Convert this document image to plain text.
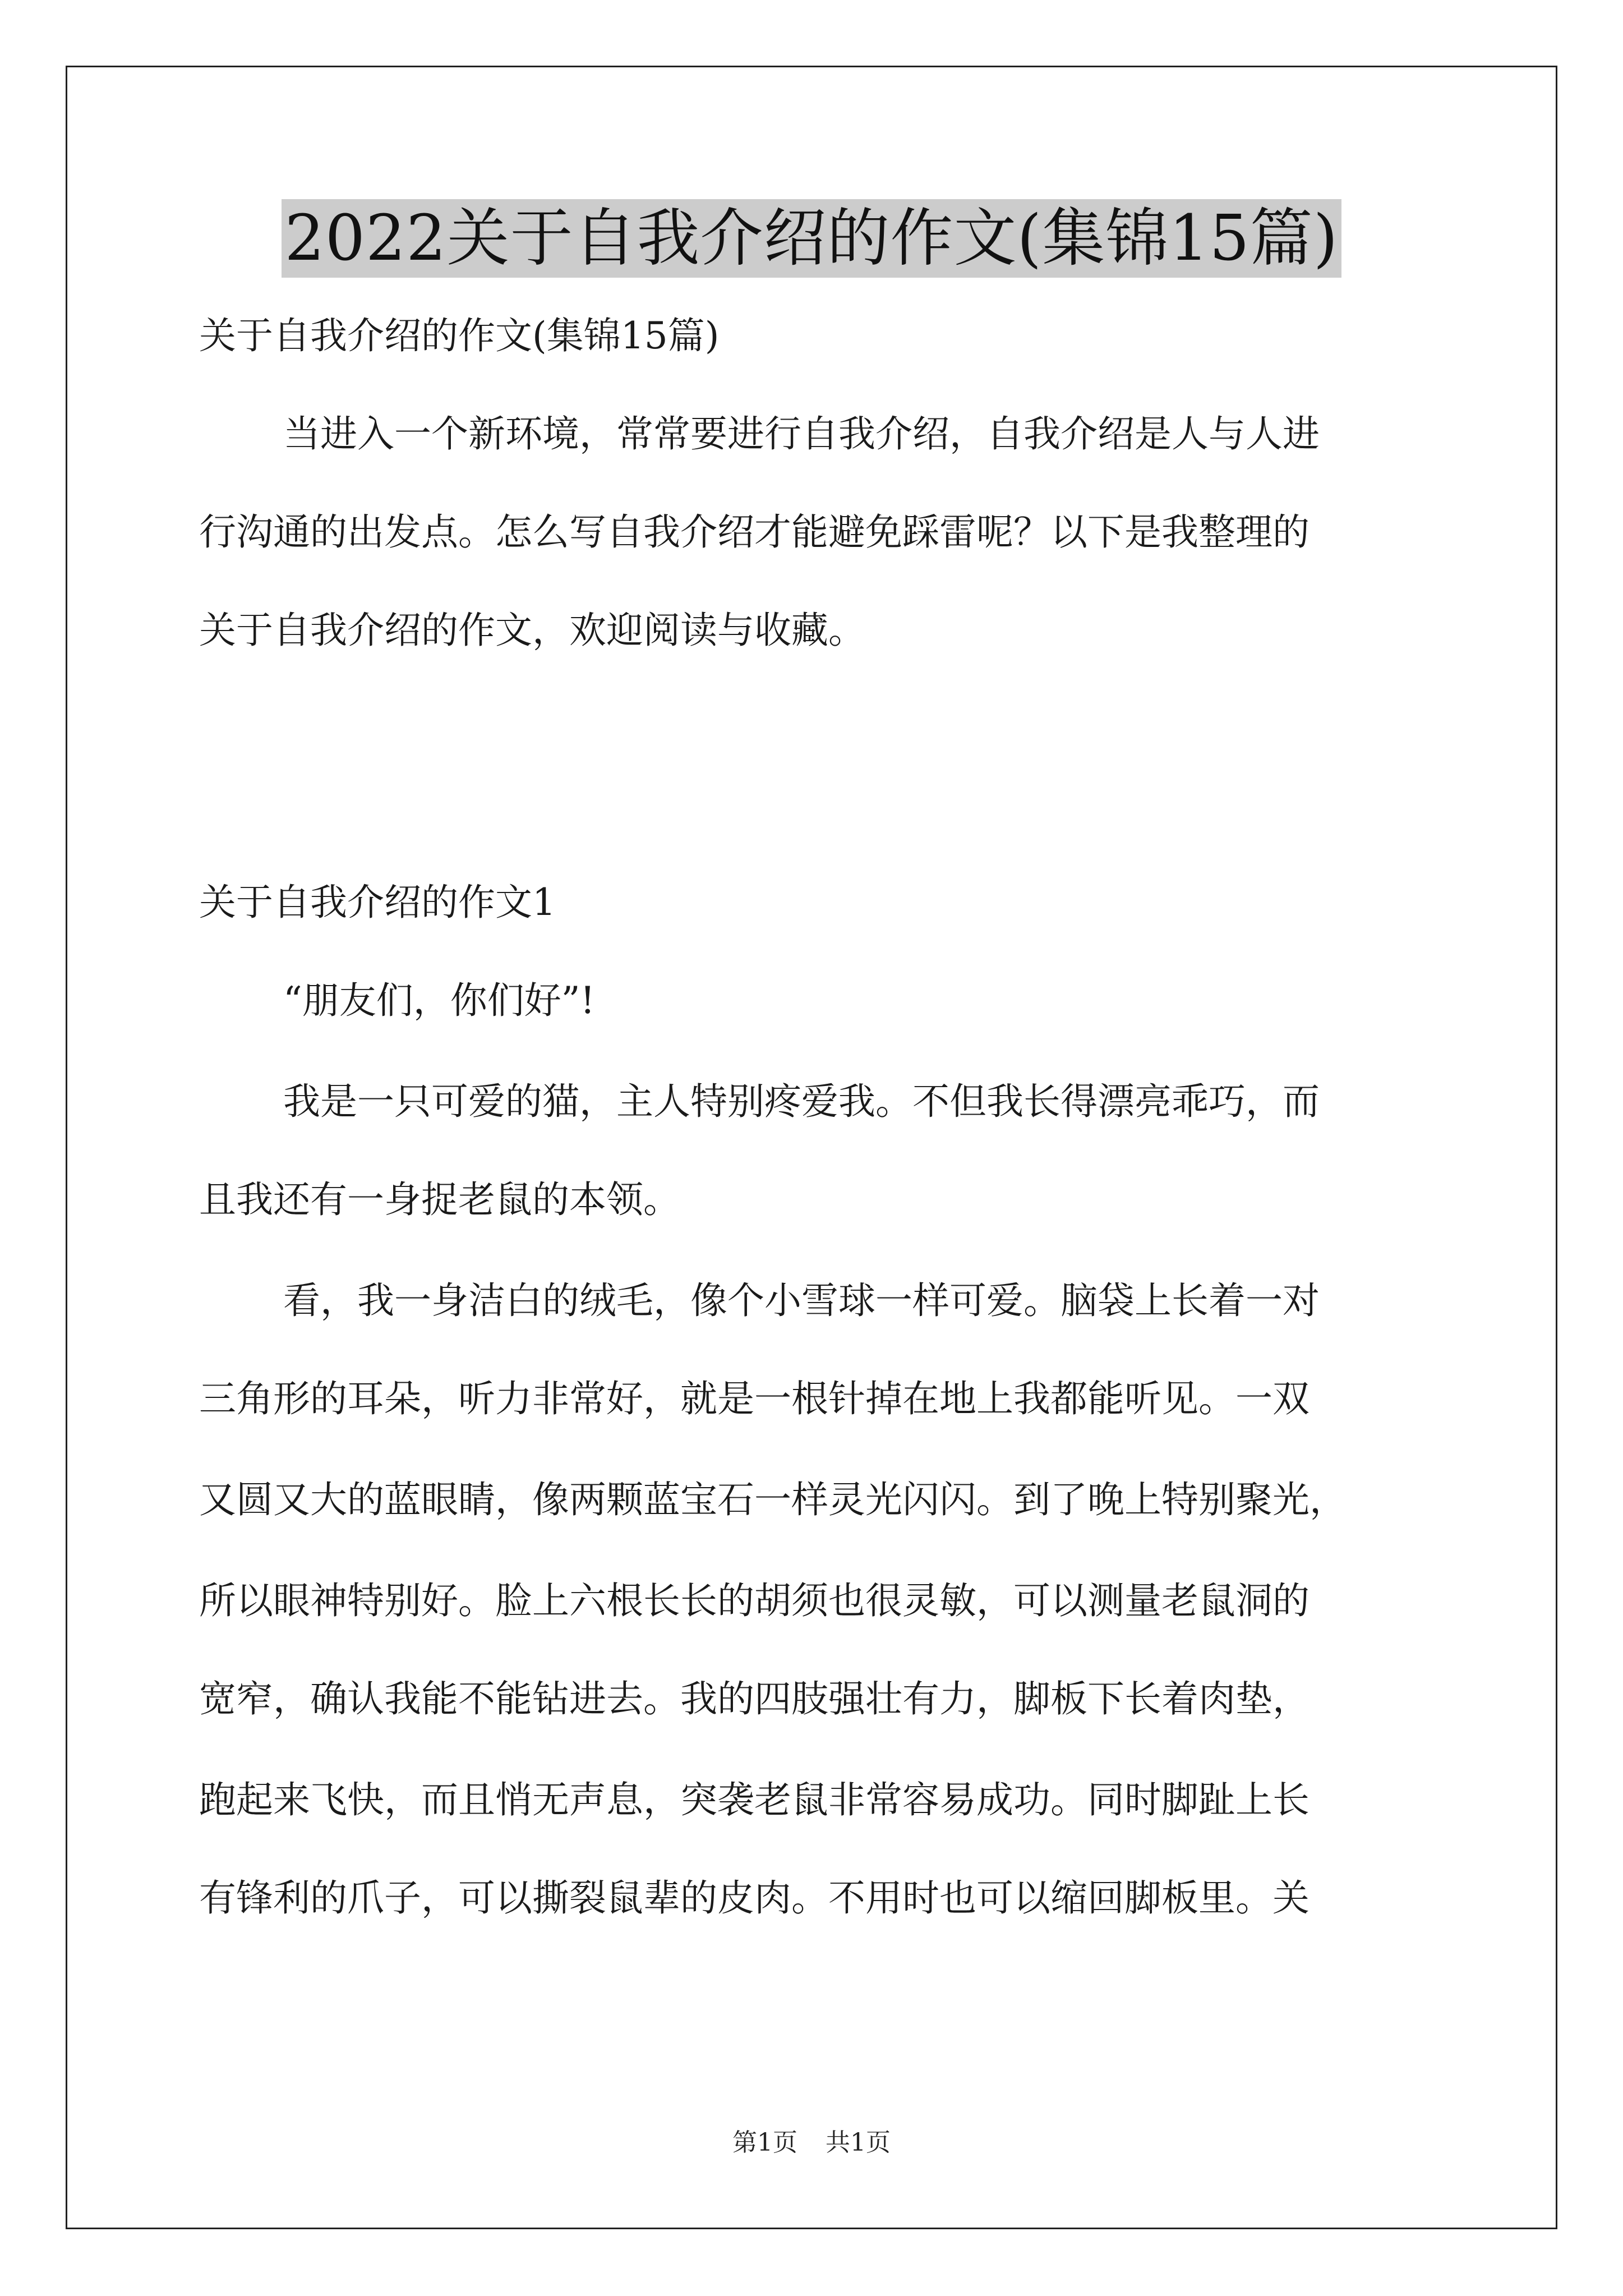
2022关于自我介绍的作文(集锦15篇)
关于自我介绍的作文(集锦15篇)
当进入一个新环境，常常要进行自我介绍，自我介绍是人与人进
行沟通的出发点。怎么写自我介绍才能避免踩雷呢？以下是我整理的
关于自我介绍的作文，欢迎阅读与收藏。
关于自我介绍的作文1
“朋友们，你们好”!
我是一只可爱的猫，主人特别疼爱我。不但我长得漂亮乖巧，而
且我还有一身捉老鼠的本领。
看，我一身洁白的绒毛，像个小雪球一样可爱。脑袋上长着一对
三角形的耳朵，听力非常好，就是一根针掉在地上我都能听见。一双
又圆又大的蓝眼睛，像两颗蓝宝石一样灵光闪闪。到了晚上特别聚光，
所以眼神特别好。脸上六根长长的胡须也很灵敏，可以测量老鼠洞的
宽窄，确认我能不能钻进去。我的四肢强壮有力，脚板下长着肉垫，
跑起来飞快，而且悄无声息，突袭老鼠非常容易成功。同时脚趾上长
有锋利的爪子，可以撕裂鼠辈的皮肉。不用时也可以缩回脚板里。关
第1页 共1页
